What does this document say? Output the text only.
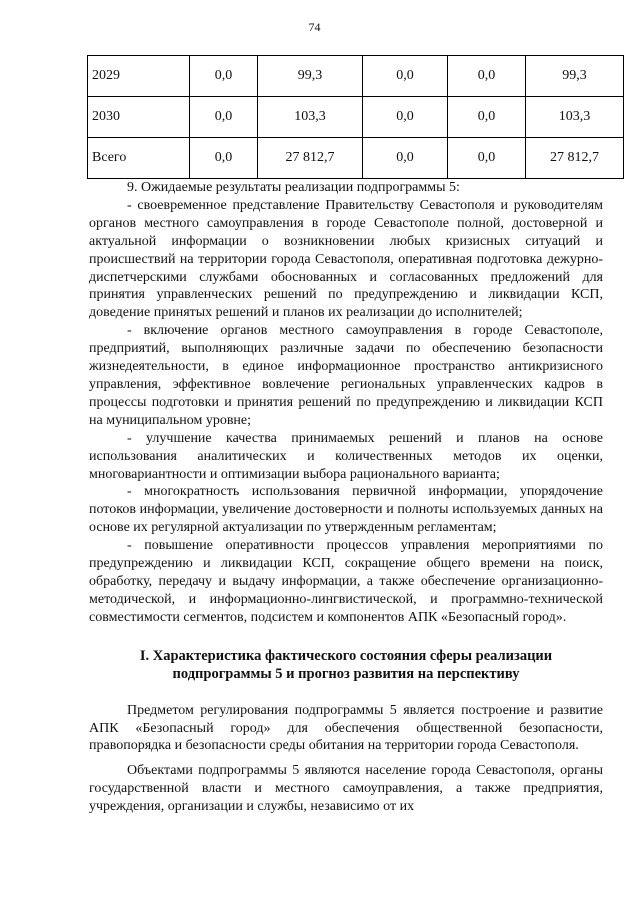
74
2029	0,0	99,3	0,0	0,0	99,3
2030	0,0	103,3	0,0	0,0	103,3
Всего	0,0	27 812,7	0,0	0,0	27 812,7

9. Ожидаемые результаты реализации подпрограммы 5:

- своевременное представление Правительству Севастополя и руководителям органов местного самоуправления в городе Севастополе полной, достоверной и актуальной информации о возникновении любых кризисных ситуаций и происшествий на территории города Севастополя, оперативная подготовка дежурно-диспетчерскими службами обоснованных и согласованных предложений для принятия управленческих решений по предупреждению и ликвидации КСП, доведение принятых решений и планов их реализации до исполнителей;

- включение органов местного самоуправления в городе Севастополе, предприятий, выполняющих различные задачи по обеспечению безопасности жизнедеятельности, в единое информационное пространство антикризисного управления, эффективное вовлечение региональных управленческих кадров в процессы подготовки и принятия решений по предупреждению и ликвидации КСП на муниципальном уровне;

- улучшение качества принимаемых решений и планов на основе использования аналитических и количественных методов их оценки, многовариантности и оптимизации выбора рационального варианта;

- многократность использования первичной информации, упорядочение потоков информации, увеличение достоверности и полноты используемых данных на основе их регулярной актуализации по утвержденным регламентам;

- повышение оперативности процессов управления мероприятиями по предупреждению и ликвидации КСП, сокращение общего времени на поиск, обработку, передачу и выдачу информации, а также обеспечение организационно-методической, и информационно-лингвистической, и программно-технической совместимости сегментов, подсистем и компонентов АПК «Безопасный город».

I. Характеристика фактического состояния сферы реализации
подпрограммы 5 и прогноз развития на перспективу

Предметом регулирования подпрограммы 5 является построение и развитие АПК «Безопасный город» для обеспечения общественной безопасности, правопорядка и безопасности среды обитания на территории города Севастополя.

Объектами подпрограммы 5 являются население города Севастополя, органы государственной власти и местного самоуправления, а также предприятия, учреждения, организации и службы, независимо от их
